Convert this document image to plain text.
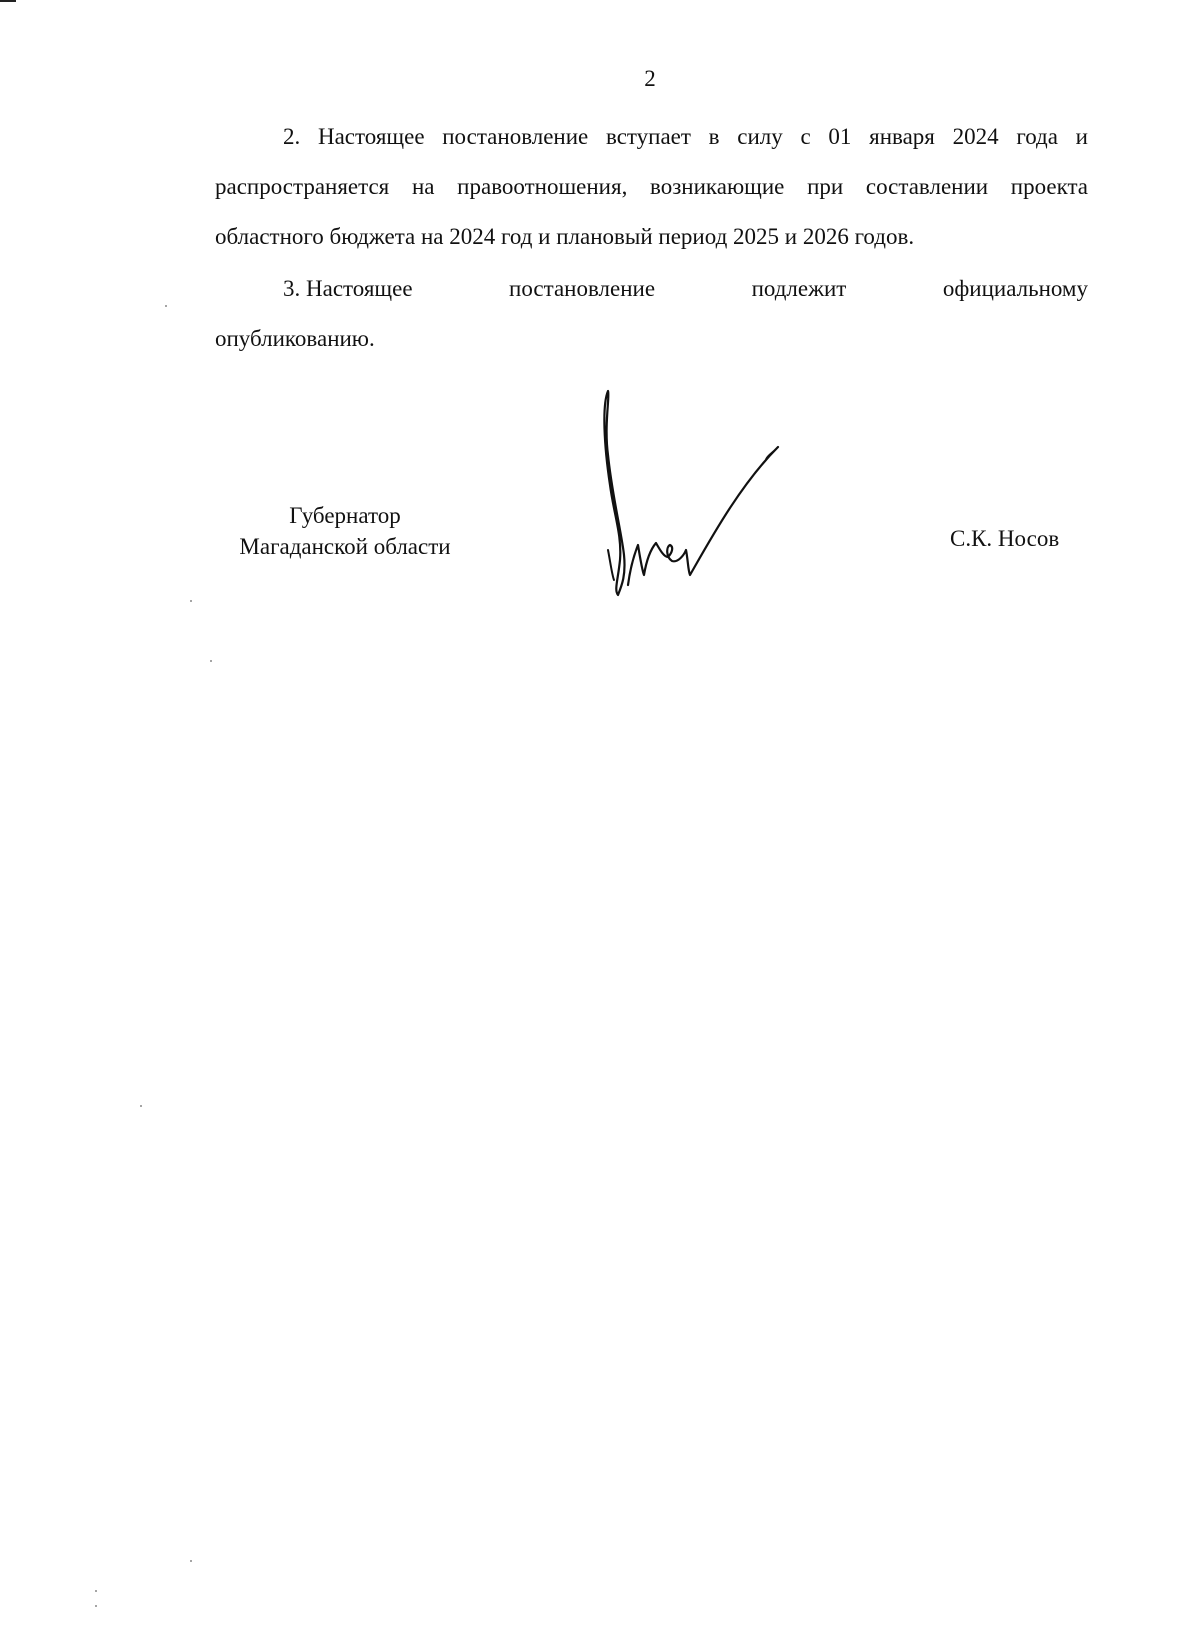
2

2. Настоящее постановление вступает в силу с 01 января 2024 года и распространяется на правоотношения, возникающие при составлении проекта областного бюджета на 2024 год и плановый период 2025 и 2026 годов.

3. Настоящее	постановление	подлежит	официальному
опубликованию.

Губернатор
Магаданской области	С.К. Носов
